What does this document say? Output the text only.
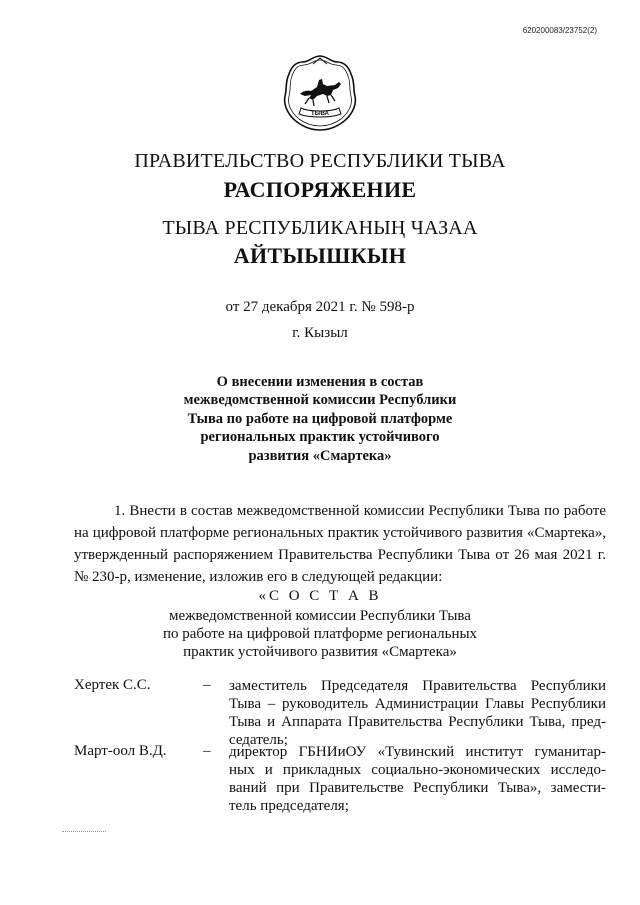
620200083/23752(2)
ТЫВА
ПРАВИТЕЛЬСТВО РЕСПУБЛИКИ ТЫВА
РАСПОРЯЖЕНИЕ
ТЫВА РЕСПУБЛИКАНЫҢ ЧАЗАА
АЙТЫЫШКЫН
от 27 декабря 2021 г. № 598-р
г. Кызыл
О внесении изменения в состав
межведомственной комиссии Республики
Тыва по работе на цифровой платформе
региональных практик устойчивого
развития «Смартека»
1. Внести в состав межведомственной комиссии Республики Тыва по работе
на цифровой платформе региональных практик устойчивого развития «Смартека»,
утвержденный распоряжением Правительства Республики Тыва от 26 мая 2021 г.
№ 230-р, изменение, изложив его в следующей редакции:
«С О С Т А В
межведомственной комиссии Республики Тыва
по работе на цифровой платформе региональных
практик устойчивого развития «Смартека»
Хертек С.С.	– заместитель Председателя Правительства Республики
Тыва – руководитель Администрации Главы Республики
Тыва и Аппарата Правительства Республики Тыва, пред-
седатель;
Март-оол В.Д. – директор ГБНИиОУ «Тувинский институт гуманитар-
ных и прикладных социально-экономических исследо-
ваний при Правительстве Республики Тыва», замести-
тель председателя;
